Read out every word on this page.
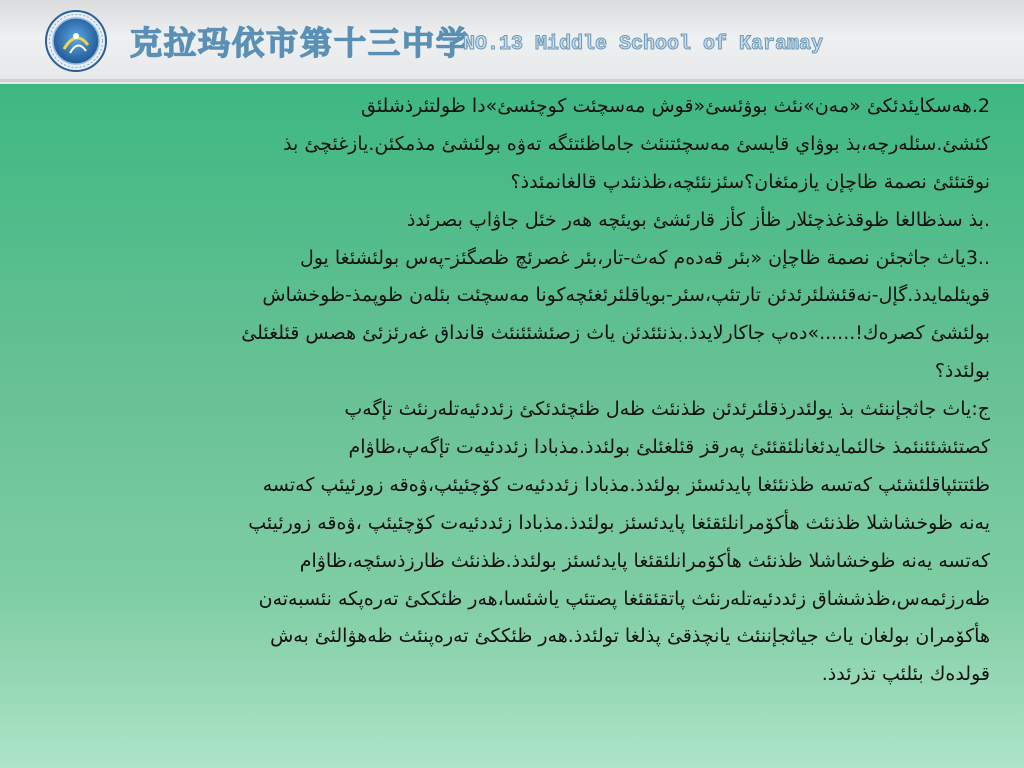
克拉玛依市第十三中学
NO.13 Middle School of Karamay
2.ھەسكايئدئكئ «مەن»نئث بوۋئسئ«قوش مەسچئت كوچئسئ»دا ظولتئرذشلئق
كئشئ.سئلەرچە،بذ بوۋاي قايسئ مەسچئتنئث جاماظئتئگە تەۋە بولئشئ مذمكئن.يازغئچئ بذ
نوقتئئئ نصمة ظاچإن يازمئغان؟سئزنئئچە،ظذنئدپ قالغانمئدذ؟
.بذ سذظالغا ظوقذغذچئلار ظأز كأز قارئشئ بويئچە هەر خئل جاۋاپ بصرئدذ
..3ياث جاثجئن نصمة ظاچإن «بئر قەدەم كەث-تار،بئر غصرئچ ظصگئز-پەس بولئشئغا يول
قويئلمايدذ.گإل-نەقئشلئرئدئن تارتئپ،سئر-بوياقلئرئغئچەكونا مەسچئت بئلەن ظوپمذ-ظوخشاش
بولئشئ كصرەك!......»دەپ جاكارلايدذ.بذنئئدئن ياث زصئشئئنئث قانداق غەرئزئئ هصس قئلغئلئ
بولئدذ؟
ج:ياث جاثجإننئث بذ يولئدرذقلئرئدئن ظذنئث ظەل ظئچئدئكئ زئددئيەتلەرنئث تإگەپ
كصتئشئئنئمذ خالئمايدئغانلئقئئئ پەرقز قئلغئلئ بولئدذ.مذبادا زئددئيەت تإگەپ،ظاۋام
ظئتتئپاقلئشئپ كەتسە ظذنئئغا پايدئسئز بولئدذ.مذبادا زئددئيەت كۆچئيئپ،ۋەقە زورئيئپ كەتسە
يەنە ظوخشاشلا ظذنئث هأكۆمرانلئقئغا پايدئسئز بولئدذ.مذبادا زئددئيەت كۆچئيئپ ،ۋەقە زورئيئپ
كەتسە يەنە ظوخشاشلا ظذنئث هأكۆمرانلئقئغا پايدئسئز بولئدذ.ظذنئث ظارزذسئچە،ظاۋام
ظەرزئمەس،ظذششاق زئددئيەتلەرنئث پاتقئقئغا پصتئپ ياشئسا،هەر ظئككئ تەرەپكە نئسبەتەن
هأكۆمران بولغان ياث جياثجإننئث يانچذقئ پذلغا تولئدذ.هەر ظئككئ تەرەپنئث ظەهۋالئئ بەش
قولدەك بئلئپ تذرئدذ.
